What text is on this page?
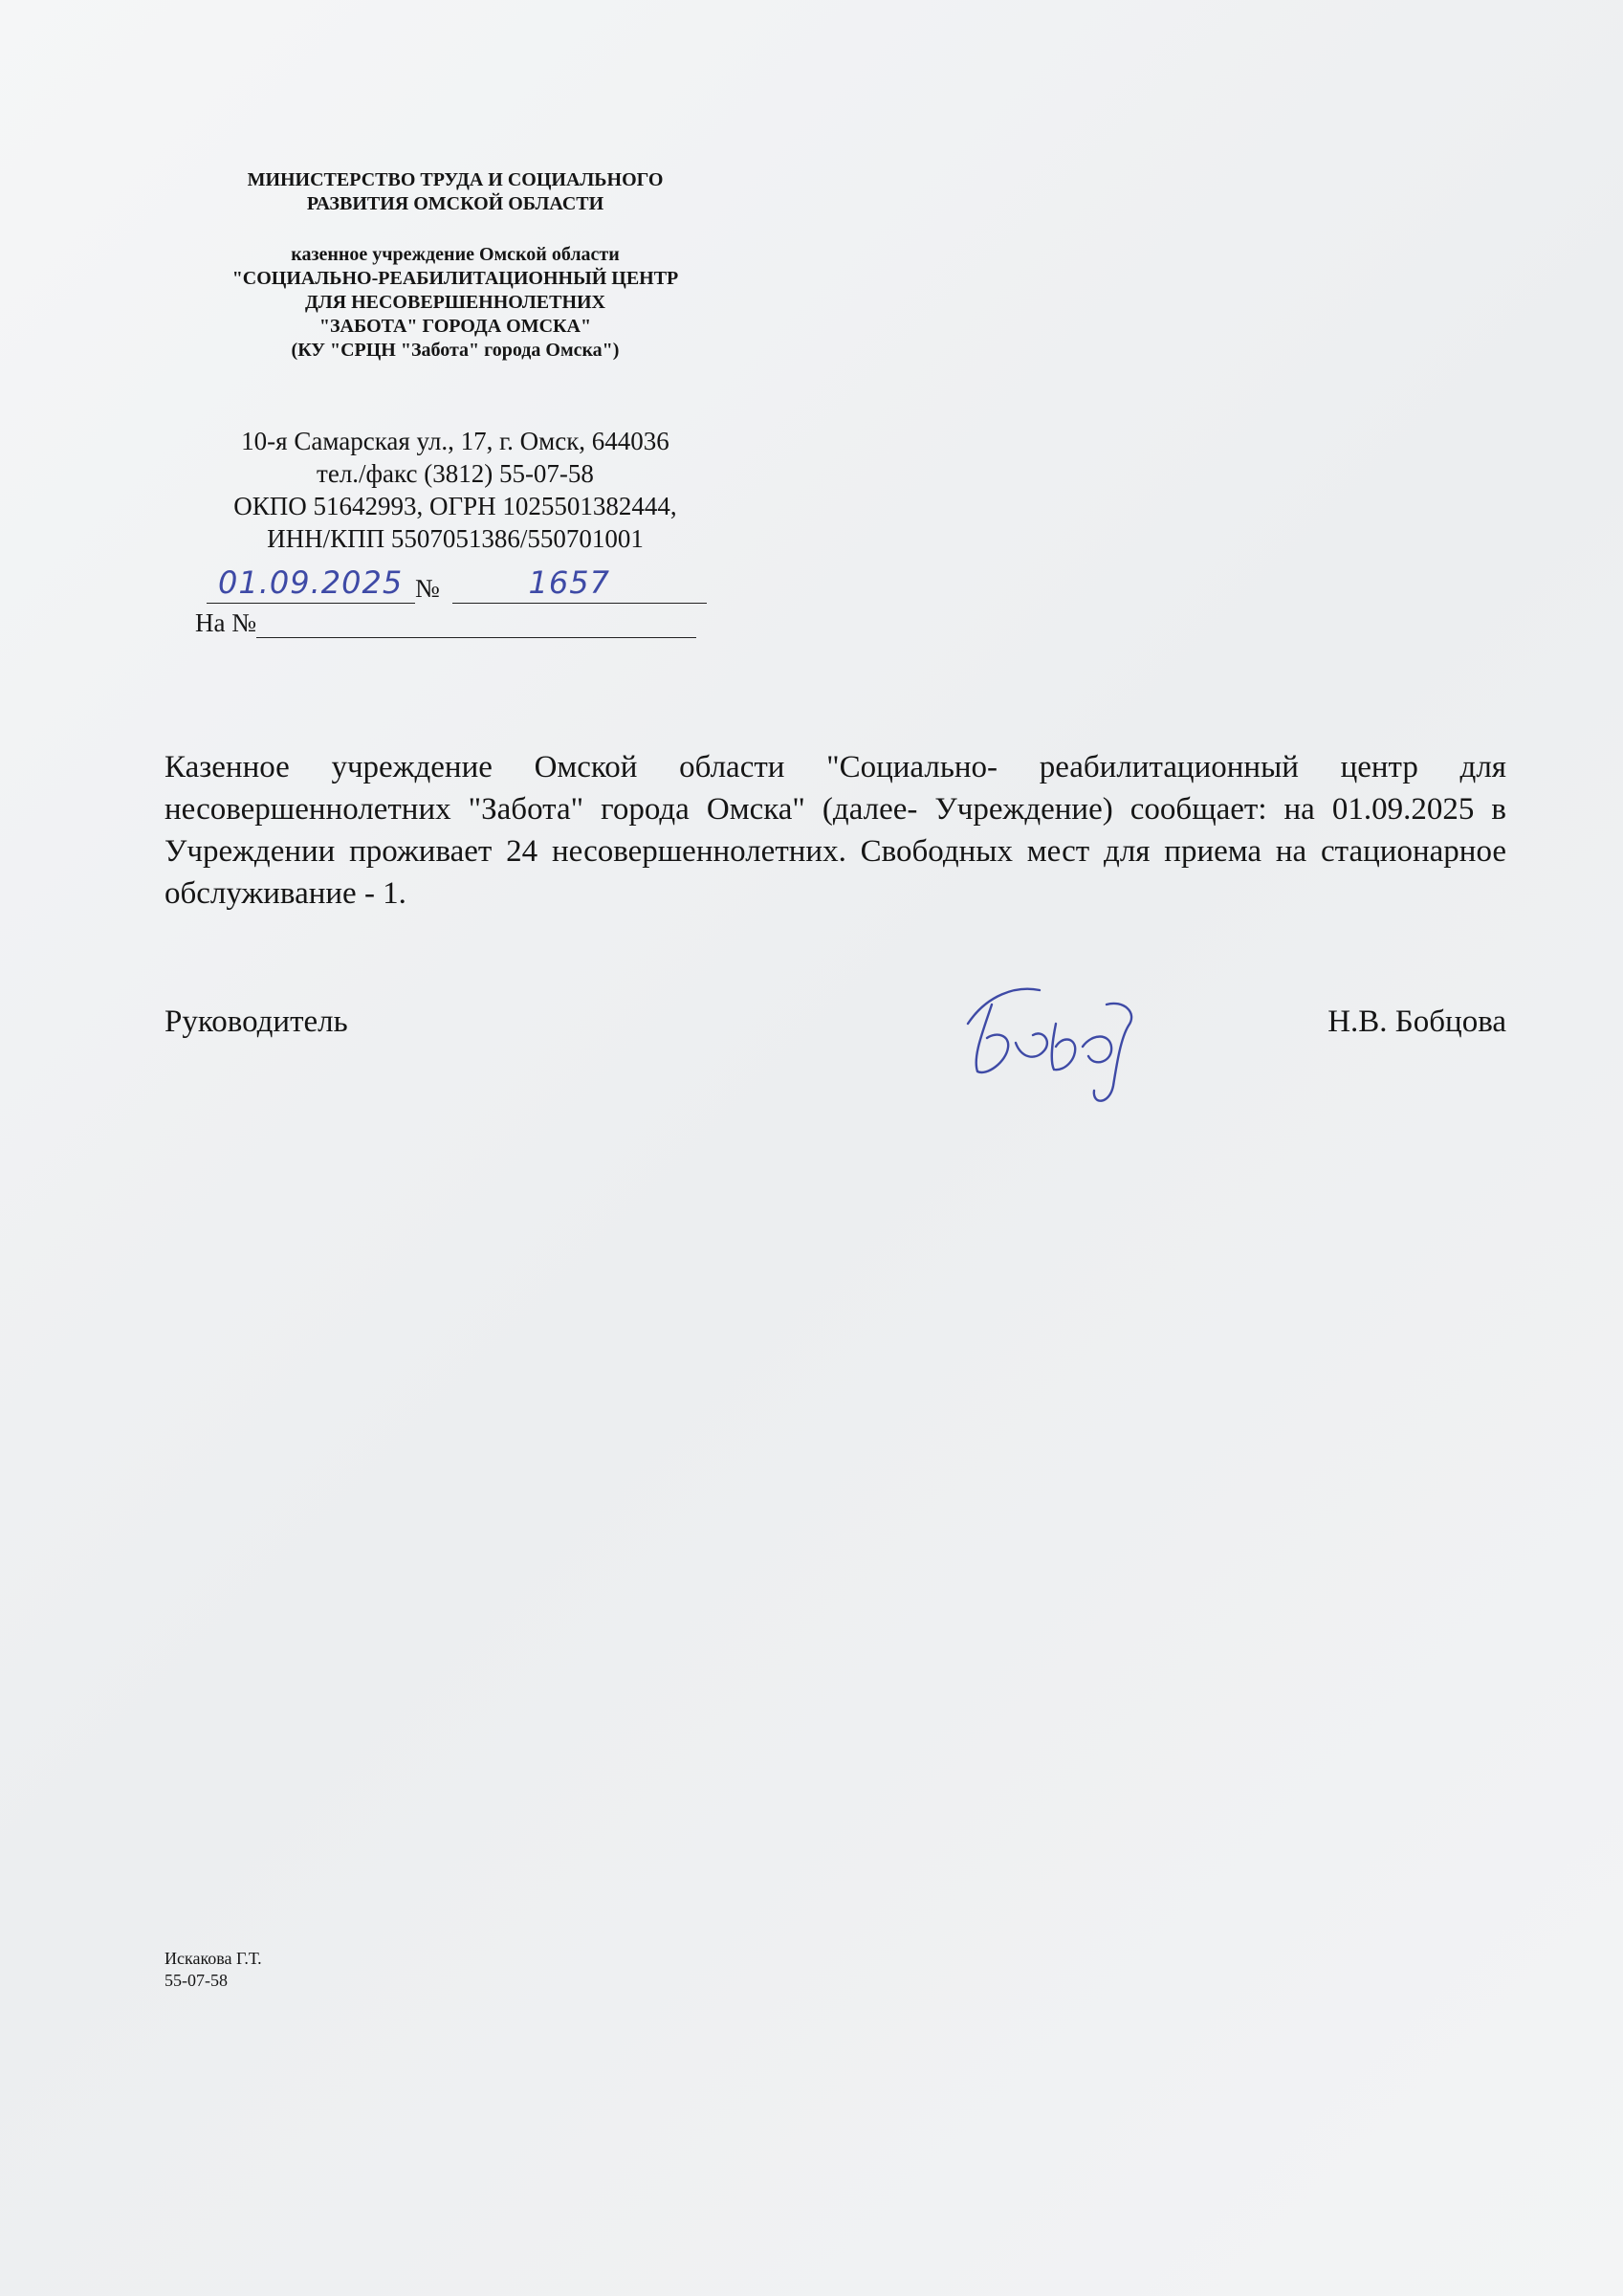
МИНИСТЕРСТВО ТРУДА И СОЦИАЛЬНОГО
РАЗВИТИЯ ОМСКОЙ ОБЛАСТИ
казенное учреждение Омской области
"СОЦИАЛЬНО-РЕАБИЛИТАЦИОННЫЙ ЦЕНТР
ДЛЯ НЕСОВЕРШЕННОЛЕТНИХ
"ЗАБОТА" ГОРОДА ОМСКА"
(КУ "СРЦН "Забота" города Омска")
10-я Самарская ул., 17, г. Омск, 644036
тел./факс (3812) 55-07-58
ОКПО 51642993, ОГРН 1025501382444,
ИНН/КПП 5507051386/550701001
01.09.2025 №	1657
На №
Казенное учреждение Омской области "Социально- реабилитационный центр для несовершеннолетних "Забота" города Омска" (далее- Учреждение) сообщает: на 01.09.2025 в Учреждении проживает 24 несовершеннолетних. Свободных мест для приема на стационарное обслуживание - 1.
Руководитель	Н.В. Бобцова
Искакова Г.Т.
55-07-58
